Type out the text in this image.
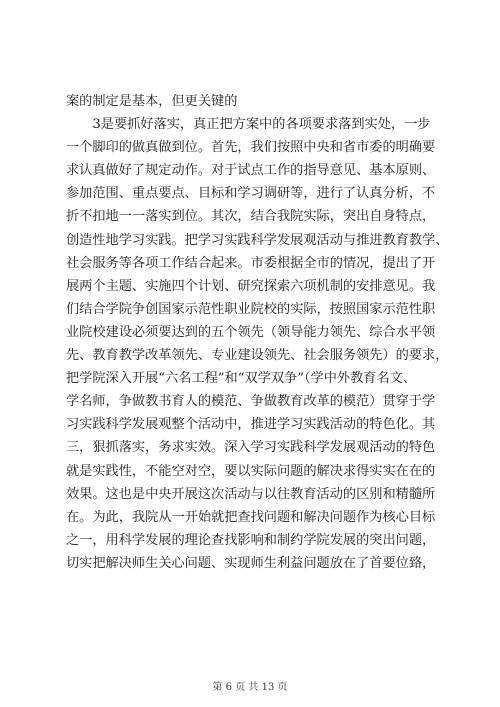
案的制定是基本，但更关键的
　　3是要抓好落实，真正把方案中的各项要求落到实处，一步
一个脚印的做真做到位。首先，我们按照中央和省市委的明确要
求认真做好了规定动作。对于试点工作的指导意见、基本原则、
参加范围、重点要点、目标和学习调研等，进行了认真分析，不
折不扣地一一落实到位。其次，结合我院实际，突出自身特点，
创造性地学习实践。把学习实践科学发展观活动与推进教育教学、
社会服务等各项工作结合起来。市委根据全市的情况，提出了开
展两个主题、实施四个计划、研究探索六项机制的安排意见。我
们结合学院争创国家示范性职业院校的实际，按照国家示范性职
业院校建设必须要达到的五个领先（领导能力领先、综合水平领
先、教育教学改革领先、专业建设领先、社会服务领先）的要求，
把学院深入开展“六名工程”和“双学双争”（学中外教育名文、
学名师，争做教书育人的模范、争做教育改革的模范）贯穿于学
习实践科学发展观整个活动中，推进学习实践活动的特色化。其
三，狠抓落实，务求实效。深入学习实践科学发展观活动的特色
就是实践性，不能空对空，要以实际问题的解决求得实实在在的
效果。这也是中央开展这次活动与以往教育活动的区别和精髓所
在。为此，我院从一开始就把查找问题和解决问题作为核心目标
之一，用科学发展的理论查找影响和制约学院发展的突出问题，
切实把解决师生关心问题、实现师生利益问题放在了首要位臵，
第 6 页 共 13 页
